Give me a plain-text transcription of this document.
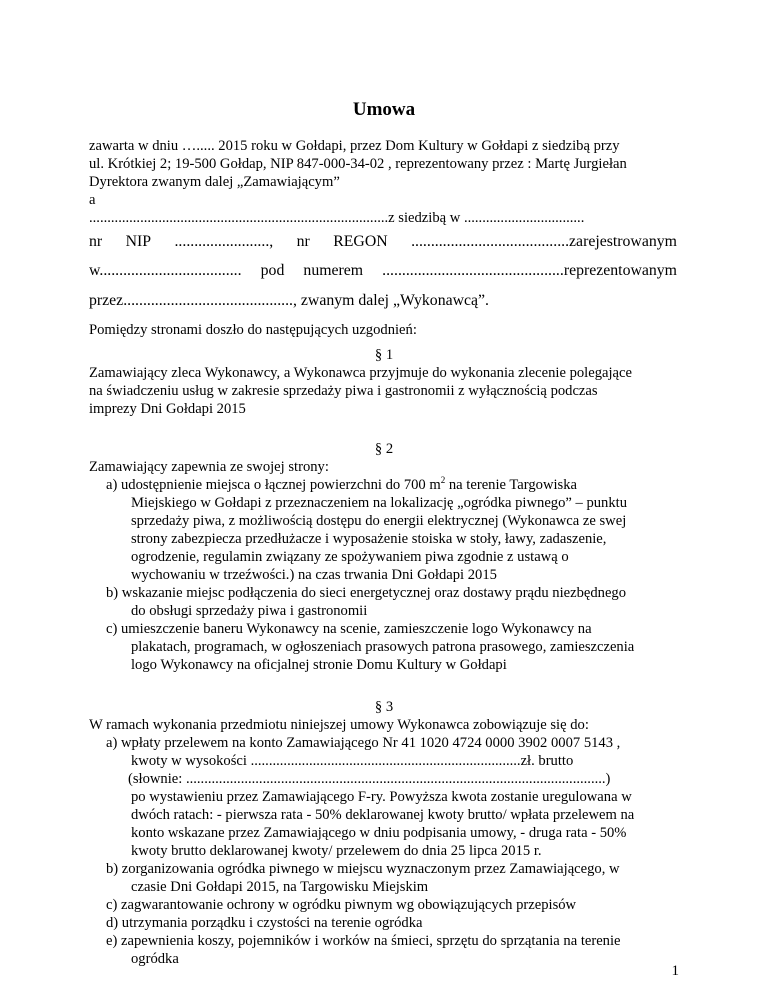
Umowa
zawarta w dniu …..... 2015 roku w Gołdapi, przez Dom Kultury w Gołdapi z siedzibą przy
ul. Krótkiej 2; 19-500 Gołdap, NIP 847-000-34-02 , reprezentowany przez : Martę Jurgiełan
Dyrektora zwanym dalej „Zamawiającym”
a
..................................................................................z siedzibą w .................................
nr NIP ........................, nr REGON ........................................zarejestrowanym
w.................................... pod numerem ..............................................reprezentowanym
przez..........................................., zwanym dalej „Wykonawcą”.
Pomiędzy stronami doszło do następujących uzgodnień:
§ 1
Zamawiający zleca Wykonawcy, a Wykonawca przyjmuje do wykonania zlecenie polegające
na świadczeniu usług w zakresie sprzedaży piwa i gastronomii z wyłącznością podczas
imprezy Dni Gołdapi 2015
§ 2
Zamawiający zapewnia ze swojej strony:
a) udostępnienie miejsca o łącznej powierzchni do 700 $m^2$ na terenie Targowiska
Miejskiego w Gołdapi z przeznaczeniem na lokalizację „ogródka piwnego” – punktu
sprzedaży piwa, z możliwością dostępu do energii elektrycznej (Wykonawca ze swej
strony zabezpiecza przedłużacze i wyposażenie stoiska w stoły, ławy, zadaszenie,
ogrodzenie, regulamin związany ze spożywaniem piwa zgodnie z ustawą o
wychowaniu w trzeźwości.) na czas trwania Dni Gołdapi 2015
b) wskazanie miejsc podłączenia do sieci energetycznej oraz dostawy prądu niezbędnego
do obsługi sprzedaży piwa i gastronomii
c) umieszczenie baneru Wykonawcy na scenie, zamieszczenie logo Wykonawcy na
plakatach, programach, w ogłoszeniach prasowych patrona prasowego, zamieszczenia
logo Wykonawcy na oficjalnej stronie Domu Kultury w Gołdapi
§ 3
W ramach wykonania przedmiotu niniejszej umowy Wykonawca zobowiązuje się do:
a) wpłaty przelewem na konto Zamawiającego Nr 41 1020 4724 0000 3902 0007 5143 ,
kwoty w wysokości ..........................................................................zł. brutto
(słownie: ...................................................................................................................)
po wystawieniu przez Zamawiającego F-ry. Powyższa kwota zostanie uregulowana w
dwóch ratach: - pierwsza rata - 50% deklarowanej kwoty brutto/ wpłata przelewem na
konto wskazane przez Zamawiającego w dniu podpisania umowy, - druga rata - 50%
kwoty brutto deklarowanej kwoty/ przelewem do dnia 25 lipca 2015 r.
b) zorganizowania ogródka piwnego w miejscu wyznaczonym przez Zamawiającego, w
czasie Dni Gołdapi 2015, na Targowisku Miejskim
c) zagwarantowanie ochrony w ogródku piwnym wg obowiązujących przepisów
d) utrzymania porządku i czystości na terenie ogródka
e) zapewnienia koszy, pojemników i worków na śmieci, sprzętu do sprzątania na terenie
ogródka
1
